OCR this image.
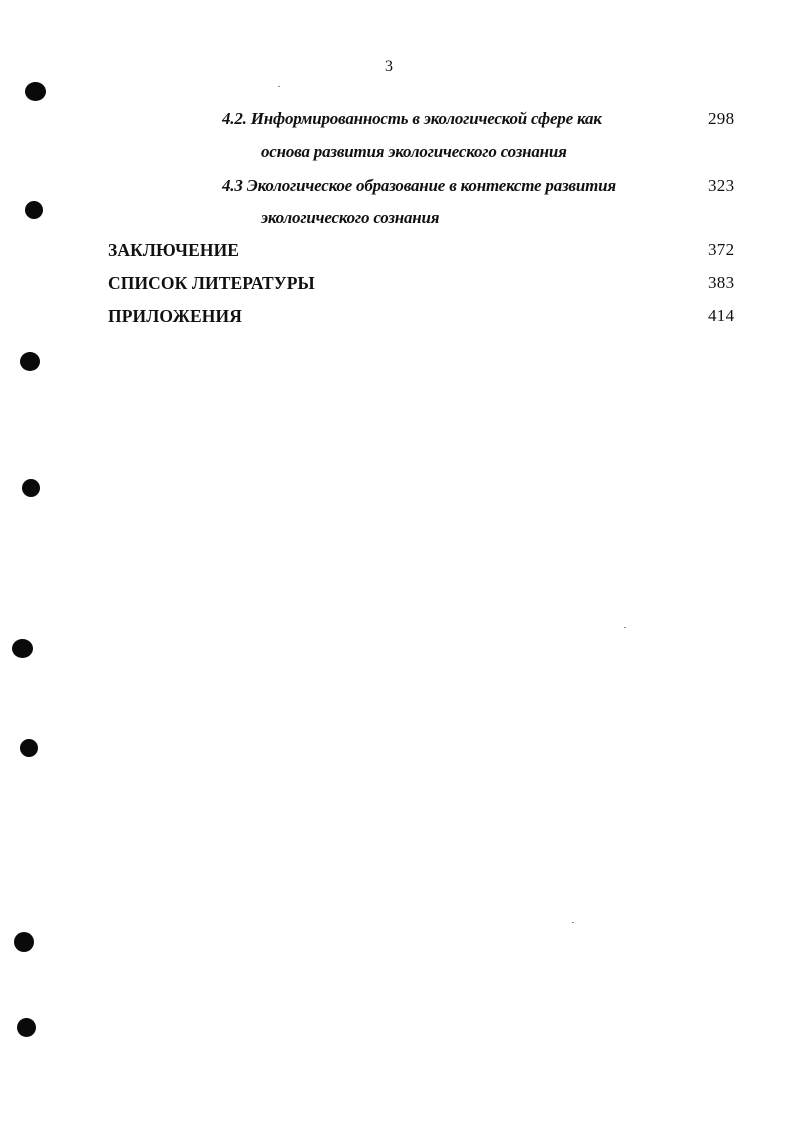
3
4.2. Информированность в экологической сфере как	298
основа развития экологического сознания
4.3 Экологическое образование в контексте развития	323
экологического сознания
ЗАКЛЮЧЕНИЕ	372
СПИСОК ЛИТЕРАТУРЫ	383
ПРИЛОЖЕНИЯ	414
